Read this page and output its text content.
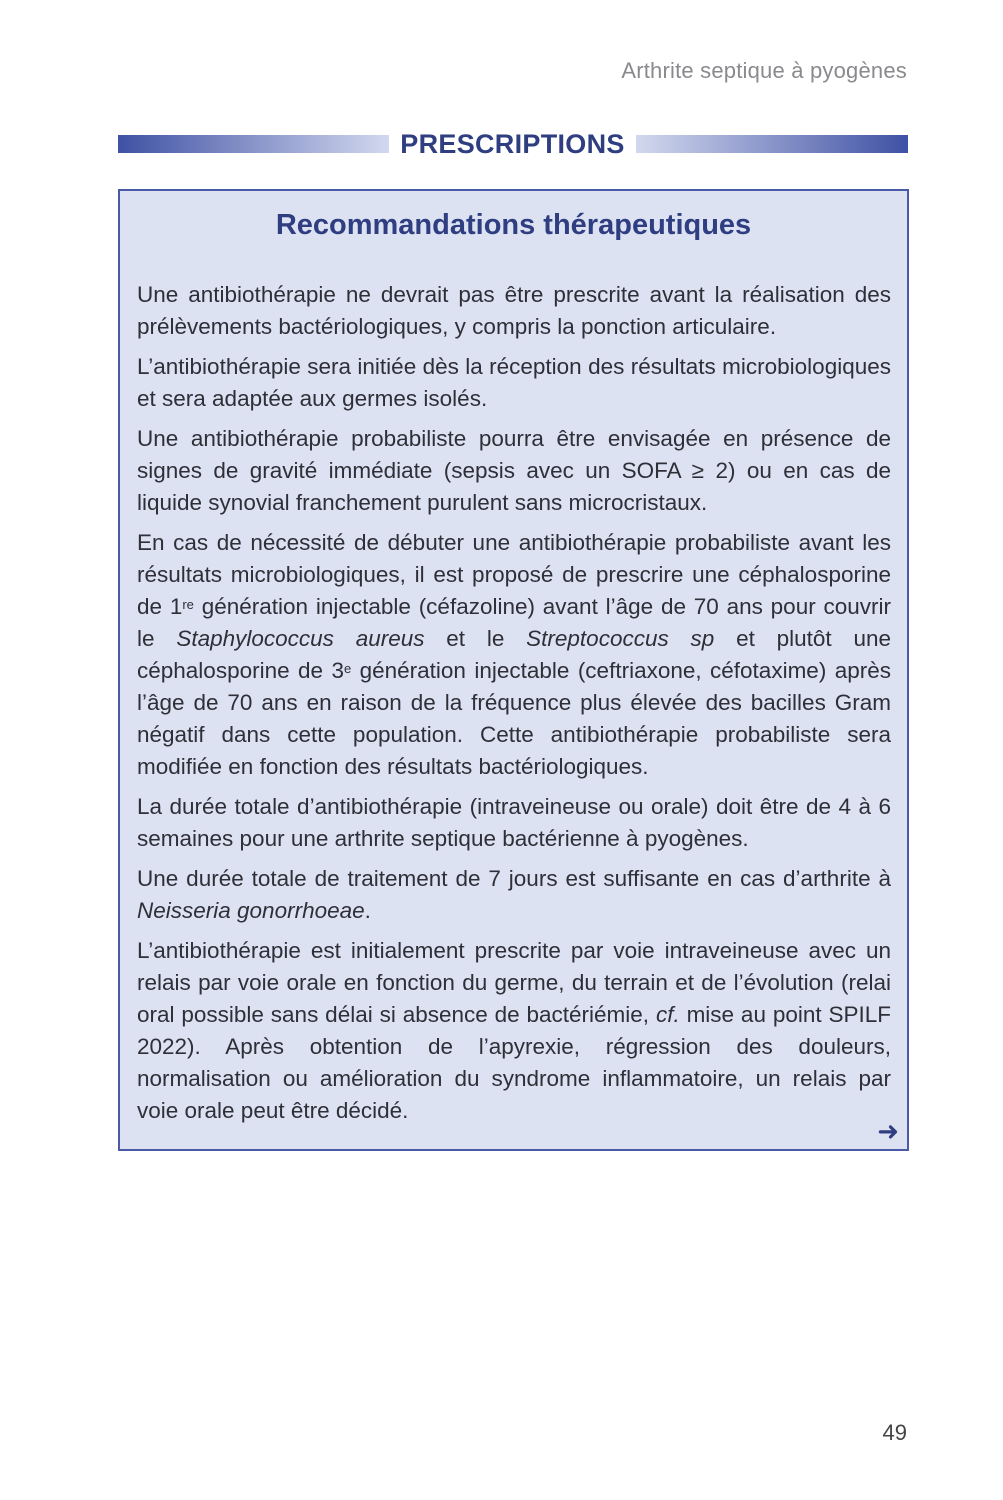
Arthrite septique à pyogènes
PRESCRIPTIONS
Recommandations thérapeutiques

Une antibiothérapie ne devrait pas être prescrite avant la réalisation des prélèvements bactériologiques, y compris la ponction articulaire.

L’antibiothérapie sera initiée dès la réception des résultats microbiologiques et sera adaptée aux germes isolés.

Une antibiothérapie probabiliste pourra être envisagée en présence de signes de gravité immédiate (sepsis avec un SOFA ≥ 2) ou en cas de liquide synovial franchement purulent sans microcristaux.

En cas de nécessité de débuter une antibiothérapie probabiliste avant les résultats microbiologiques, il est proposé de prescrire une céphalosporine de 1re génération injectable (céfazoline) avant l’âge de 70 ans pour couvrir le Staphylococcus aureus et le Streptococcus sp et plutôt une céphalosporine de 3e génération injectable (ceftriaxone, céfotaxime) après l’âge de 70 ans en raison de la fréquence plus élevée des bacilles Gram négatif dans cette population. Cette antibiothérapie probabiliste sera modifiée en fonction des résultats bactériologiques.

La durée totale d’antibiothérapie (intraveineuse ou orale) doit être de 4 à 6 semaines pour une arthrite septique bactérienne à pyogènes.

Une durée totale de traitement de 7 jours est suffisante en cas d’arthrite à Neisseria gonorrhoeae.

L’antibiothérapie est initialement prescrite par voie intraveineuse avec un relais par voie orale en fonction du germe, du terrain et de l’évolution (relai oral possible sans délai si absence de bactériémie, cf. mise au point SPILF 2022). Après obtention de l’apyrexie, régression des douleurs, normalisation ou amélioration du syndrome inflammatoire, un relais par voie orale peut être décidé.

➜
49
